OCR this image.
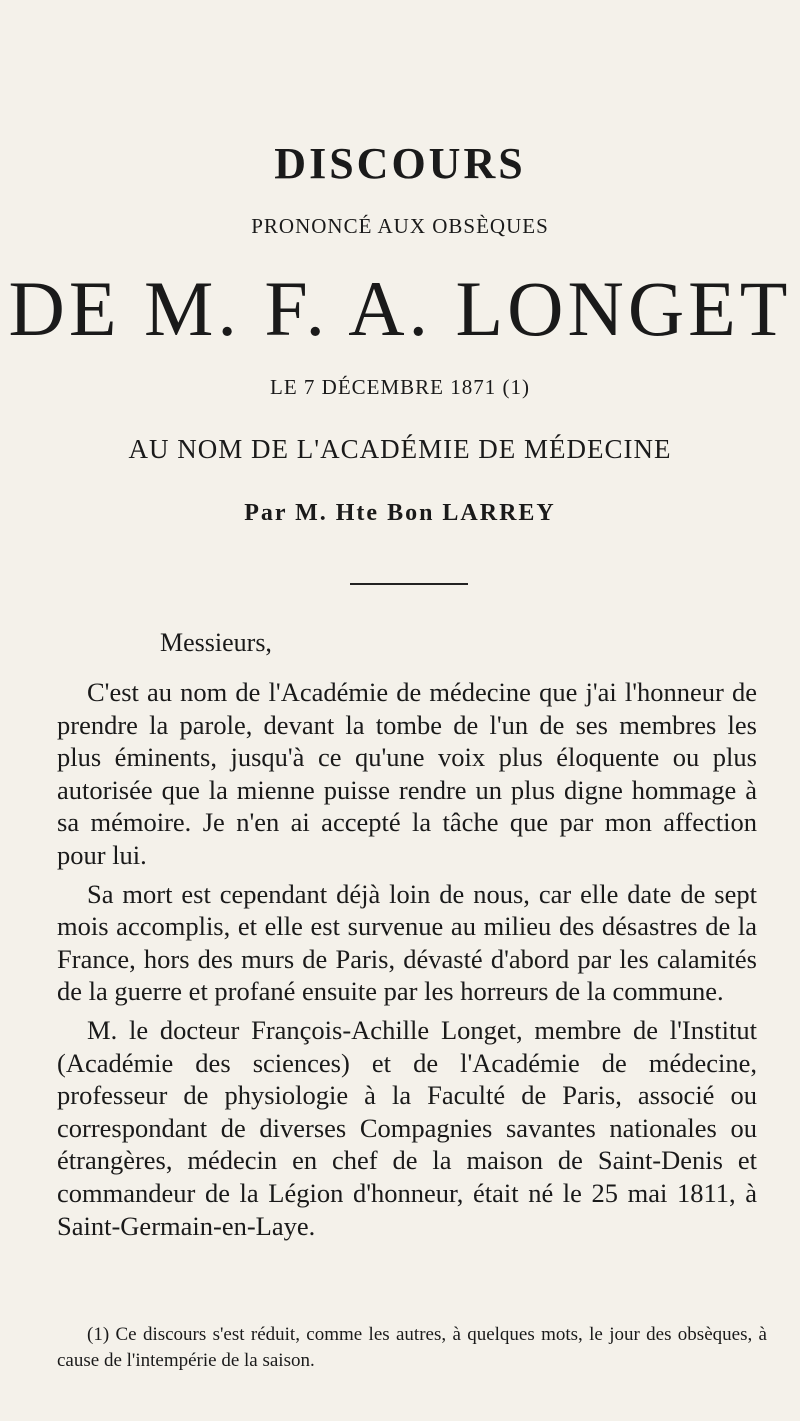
DISCOURS
PRONONCÉ AUX OBSÈQUES
DE M. F. A. LONGET
LE 7 DÉCEMBRE 1871 (1)
AU NOM DE L'ACADÉMIE DE MÉDECINE
Par M. Hte Bon LARREY
Messieurs,

C'est au nom de l'Académie de médecine que j'ai l'honneur de prendre la parole, devant la tombe de l'un de ses membres les plus éminents, jusqu'à ce qu'une voix plus éloquente ou plus autorisée que la mienne puisse rendre un plus digne hommage à sa mémoire. Je n'en ai accepté la tâche que par mon affection pour lui.

Sa mort est cependant déjà loin de nous, car elle date de sept mois accomplis, et elle est survenue au milieu des désastres de la France, hors des murs de Paris, dévasté d'abord par les calamités de la guerre et profané ensuite par les horreurs de la commune.

M. le docteur François-Achille Longet, membre de l'Institut (Académie des sciences) et de l'Académie de médecine, professeur de physiologie à la Faculté de Paris, associé ou correspondant de diverses Compagnies savantes nationales ou étrangères, médecin en chef de la maison de Saint-Denis et commandeur de la Légion d'honneur, était né le 25 mai 1811, à Saint-Germain-en-Laye.

(1) Ce discours s'est réduit, comme les autres, à quelques mots, le jour des obsèques, à cause de l'intempérie de la saison.
